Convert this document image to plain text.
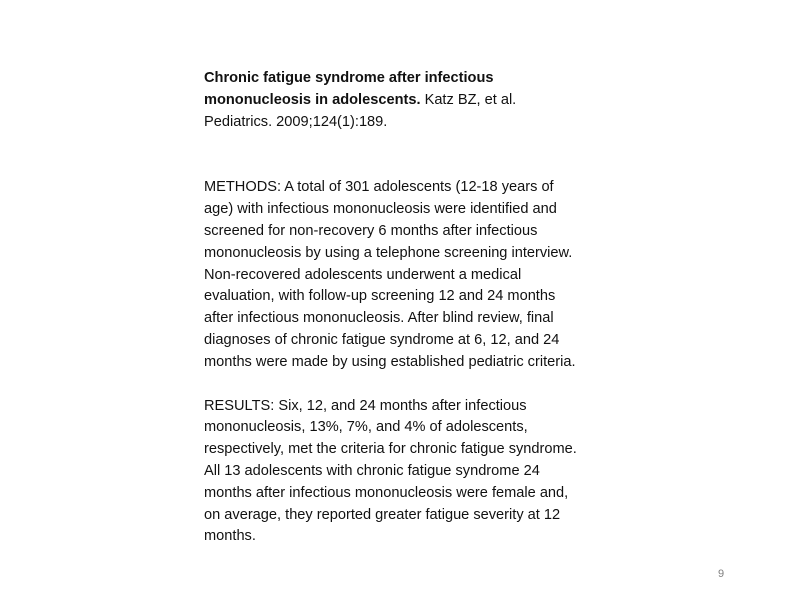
Chronic fatigue syndrome after infectious mononucleosis in adolescents. Katz BZ, et al. Pediatrics. 2009;124(1):189.

METHODS: A total of 301 adolescents (12-18 years of age) with infectious mononucleosis were identified and screened for non-recovery 6 months after infectious mononucleosis by using a telephone screening interview. Non-recovered adolescents underwent a medical evaluation, with follow-up screening 12 and 24 months after infectious mononucleosis. After blind review, final diagnoses of chronic fatigue syndrome at 6, 12, and 24 months were made by using established pediatric criteria.

RESULTS: Six, 12, and 24 months after infectious mononucleosis, 13%, 7%, and 4% of adolescents, respectively, met the criteria for chronic fatigue syndrome. All 13 adolescents with chronic fatigue syndrome 24 months after infectious mononucleosis were female and, on average, they reported greater fatigue severity at 12 months.

9
